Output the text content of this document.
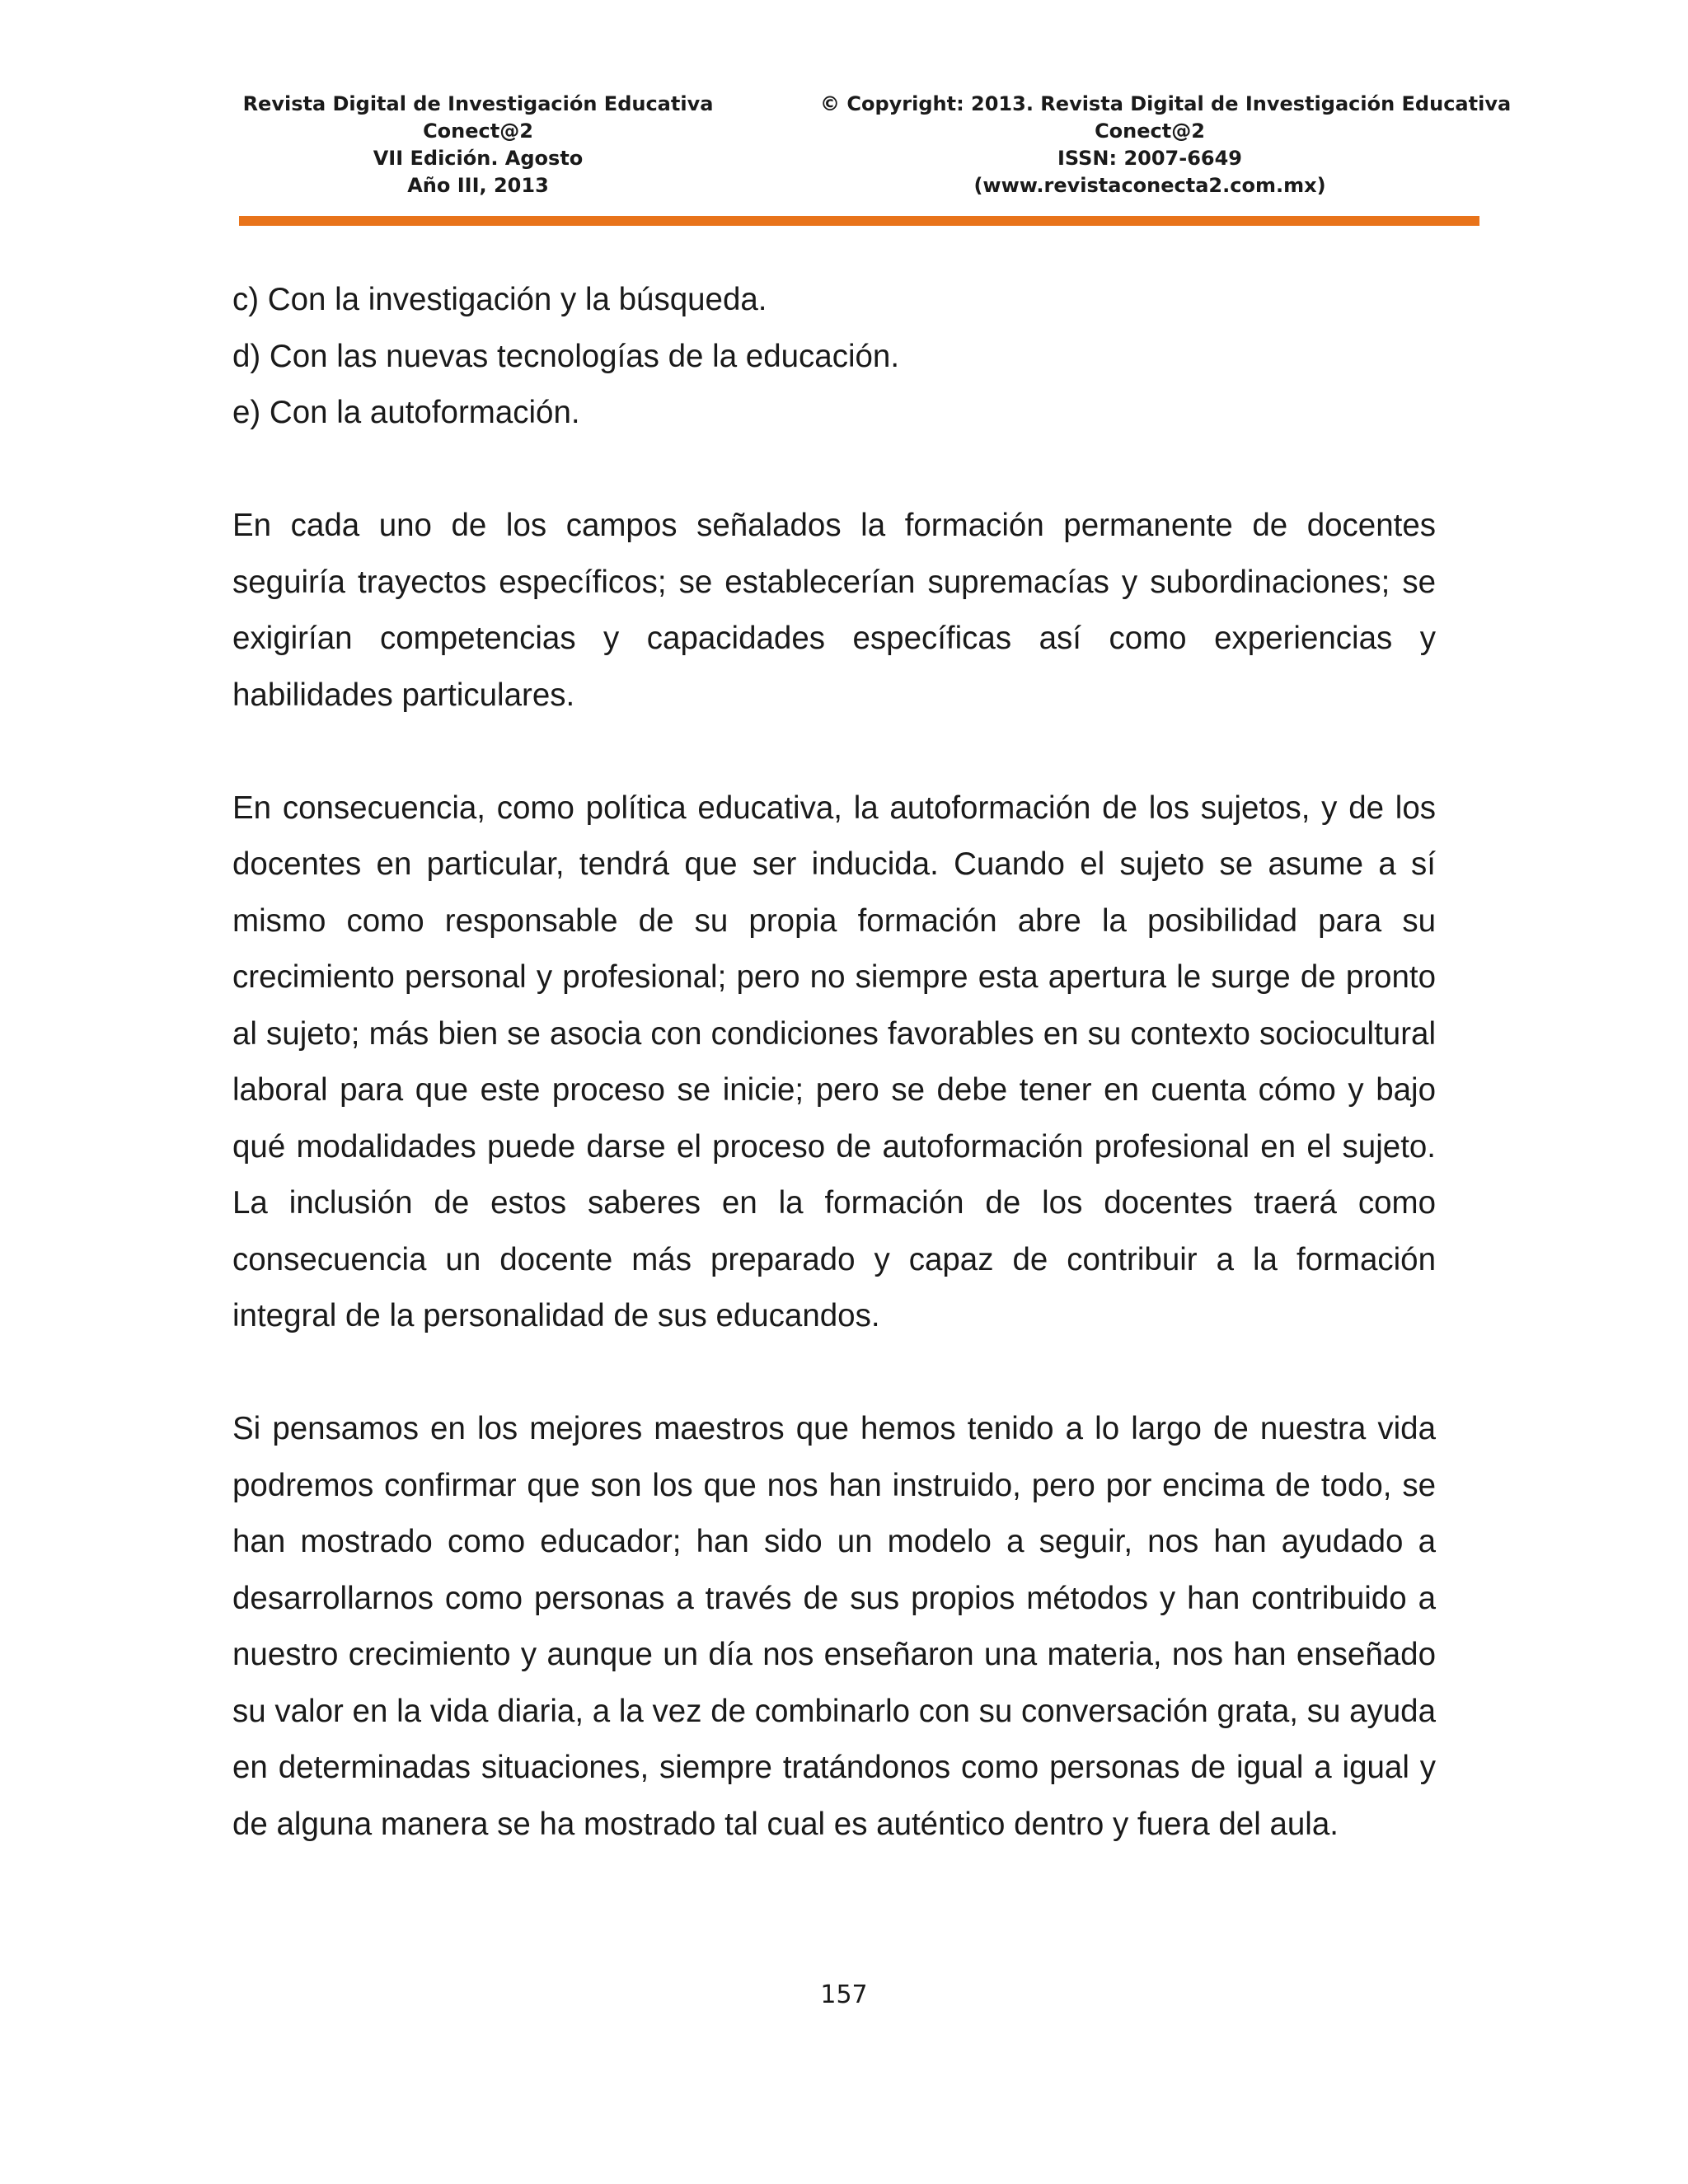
Revista Digital de Investigación Educativa
Conect@2
VII Edición. Agosto
Año III, 2013
© Copyright: 2013. Revista Digital de Investigación Educativa
Conect@2
ISSN: 2007-6649
(www.revistaconecta2.com.mx)
c) Con la investigación y la búsqueda.
d) Con las nuevas tecnologías de la educación.
e) Con la autoformación.

En cada uno de los campos señalados la formación permanente de docentes seguiría trayectos específicos; se establecerían supremacías y subordinaciones; se exigirían competencias y capacidades específicas así como experiencias y habilidades particulares.

En consecuencia, como política educativa, la autoformación de los sujetos, y de los docentes en particular, tendrá que ser inducida. Cuando el sujeto se asume a sí mismo como responsable de su propia formación abre la posibilidad para su crecimiento personal y profesional; pero no siempre esta apertura le surge de pronto al sujeto; más bien se asocia con condiciones favorables en su contexto sociocultural laboral para que este proceso se inicie; pero se debe tener en cuenta cómo y bajo qué modalidades puede darse el proceso de autoformación profesional en el sujeto. La inclusión de estos saberes en la formación de los docentes traerá como consecuencia un docente más preparado y capaz de contribuir a la formación integral de la personalidad de sus educandos.

Si pensamos en los mejores maestros que hemos tenido a lo largo de nuestra vida podremos confirmar que son los que nos han instruido, pero por encima de todo, se han mostrado como educador; han sido un modelo a seguir, nos han ayudado a desarrollarnos como personas a través de sus propios métodos y han contribuido a nuestro crecimiento y aunque un día nos enseñaron una materia, nos han enseñado su valor en la vida diaria, a la vez de combinarlo con su conversación grata, su ayuda en determinadas situaciones, siempre tratándonos como personas de igual a igual y de alguna manera se ha mostrado tal cual es auténtico dentro y fuera del aula.

157
